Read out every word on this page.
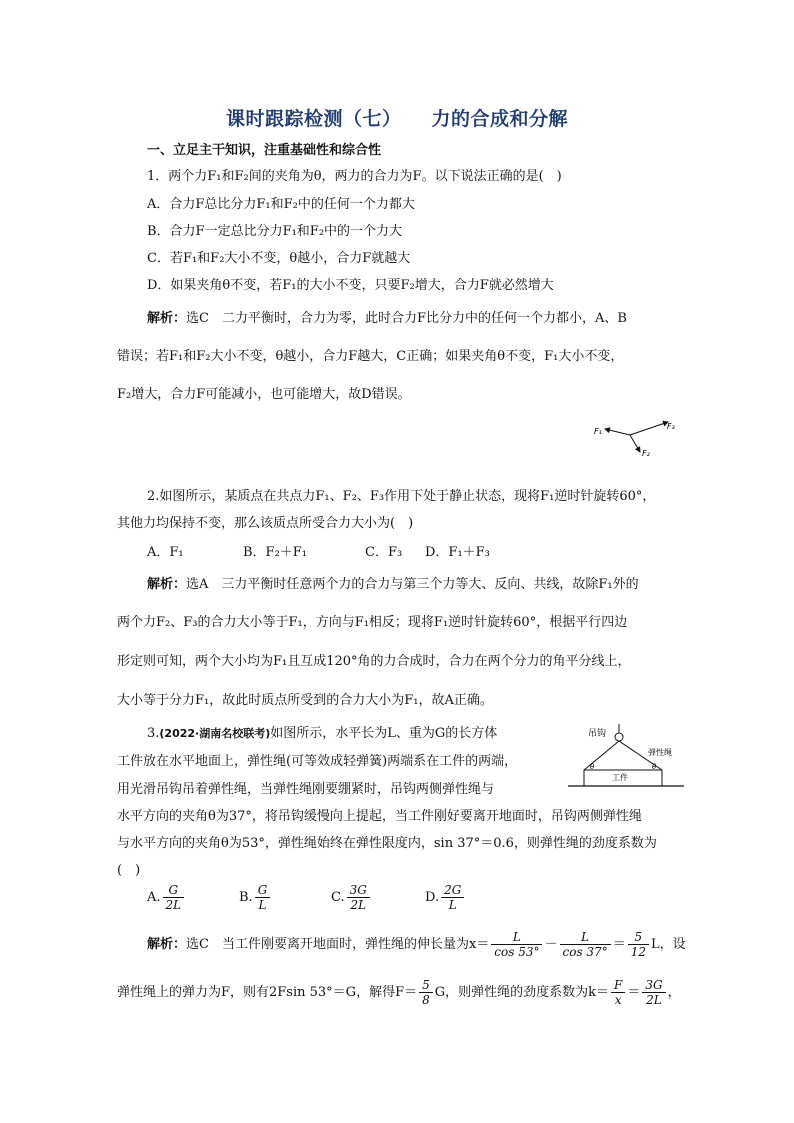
课时跟踪检测（七） 力的合成和分解
一、立足主干知识，注重基础性和综合性
1．两个力F₁和F₂间的夹角为θ，两力的合力为F。以下说法正确的是(　)
A．合力F总比分力F₁和F₂中的任何一个力都大
B．合力F一定总比分力F₁和F₂中的一个力大
C．若F₁和F₂大小不变，θ越小，合力F就越大
D．如果夹角θ不变，若F₁的大小不变，只要F₂增大，合力F就必然增大
解析：选C　二力平衡时，合力为零，此时合力F比分力中的任何一个力都小，A、B
错误；若F₁和F₂大小不变，θ越小，合力F越大，C正确；如果夹角θ不变，F₁大小不变，
F₂增大，合力F可能减小，也可能增大，故D错误。
F₁
F₃
F₂
2.如图所示，某质点在共点力F₁、F₂、F₃作用下处于静止状态，现将F₁逆时针旋转60°，
其他力均保持不变，那么该质点所受合力大小为(　)
A．F₁	B．F₂＋F₁	C．F₃ D．F₁＋F₃
解析：选A　三力平衡时任意两个力的合力与第三个力等大、反向、共线，故除F₁外的
两个力F₂、F₃的合力大小等于F₁，方向与F₁相反；现将F₁逆时针旋转60°，根据平行四边
形定则可知，两个大小均为F₁且互成120°角的力合成时，合力在两个分力的角平分线上，
大小等于分力F₁，故此时质点所受到的合力大小为F₁，故A正确。
吊钩
弹性绳
工件
θ	θ
3.(2022·湖南名校联考)如图所示，水平长为L、重为G的长方体
工件放在水平地面上，弹性绳(可等效成轻弹簧)两端系在工件的两端，
用光滑吊钩吊着弹性绳，当弹性绳刚要绷紧时，吊钩两侧弹性绳与
水平方向的夹角θ为37°，将吊钩缓慢向上提起，当工件刚好要离开地面时，吊钩两侧弹性绳
与水平方向的夹角θ为53°，弹性绳始终在弹性限度内，sin 37°＝0.6，则弹性绳的劲度系数为
(　)
A. $\frac{G}{2L}$	B. $\frac{G}{L}$	C. $\frac{3G}{2L}$	D. $\frac{2G}{L}$
解析：选C　当工件刚要离开地面时，弹性绳的伸长量为$x= \frac{L}{\cos 53^\circ} - \frac{L}{\cos 37^\circ} = \frac{5}{12}$ L，设
弹性绳上的弹力为F，则有2Fsin 53°＝G，解得$F= \frac{5}{8}$ G，则弹性绳的劲度系数为$k= \frac{F}{x} = \frac{3G}{2L}$ ，
